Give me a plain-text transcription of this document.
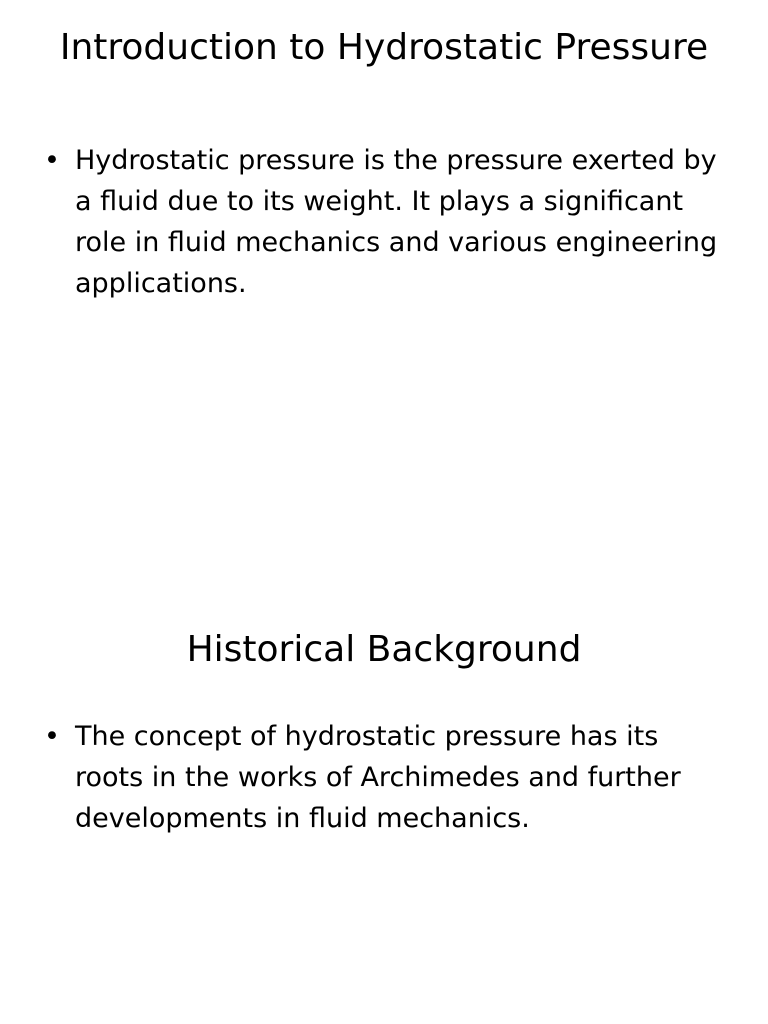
Introduction to Hydrostatic Pressure
• Hydrostatic pressure is the pressure exerted by a fluid due to its weight. It plays a significant role in fluid mechanics and various engineering applications.
Historical Background
• The concept of hydrostatic pressure has its roots in the works of Archimedes and further developments in fluid mechanics.
